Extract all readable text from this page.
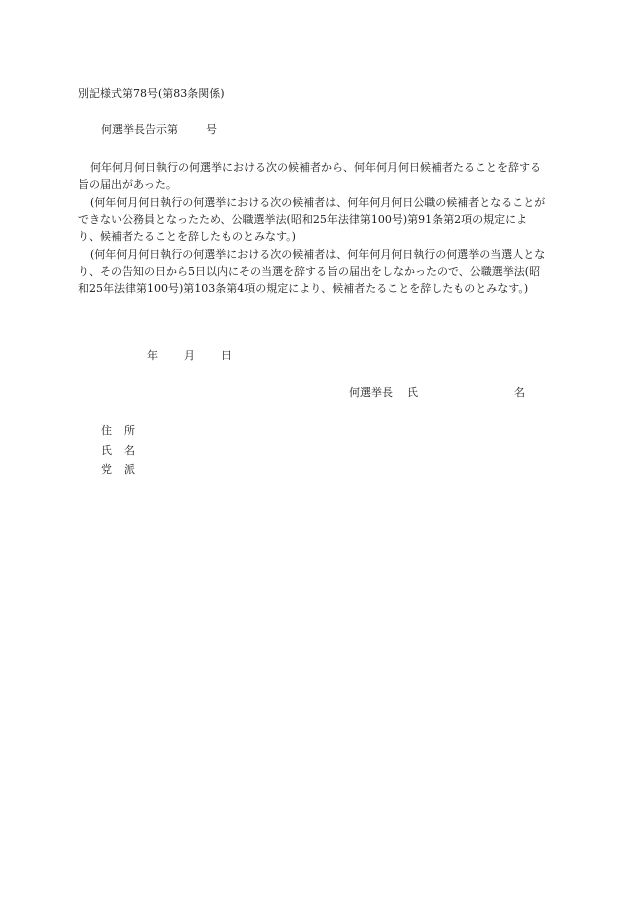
別記様式第78号(第83条関係)
何選挙長告示第	号
何年何月何日執行の何選挙における次の候補者から、何年何月何日候補者たることを辞する旨の届出があった。
(何年何月何日執行の何選挙における次の候補者は、何年何月何日公職の候補者となることができない公務員となったため、公職選挙法(昭和25年法律第100号)第91条第2項の規定により、候補者たることを辞したものとみなす。)
(何年何月何日執行の何選挙における次の候補者は、何年何月何日執行の何選挙の当選人となり、その告知の日から5日以内にその当選を辞する旨の届出をしなかったので、公職選挙法(昭和25年法律第100号)第103条第4項の規定により、候補者たることを辞したものとみなす。)
年 月 日
何選挙長 氏	名
住 所
氏 名
党 派
